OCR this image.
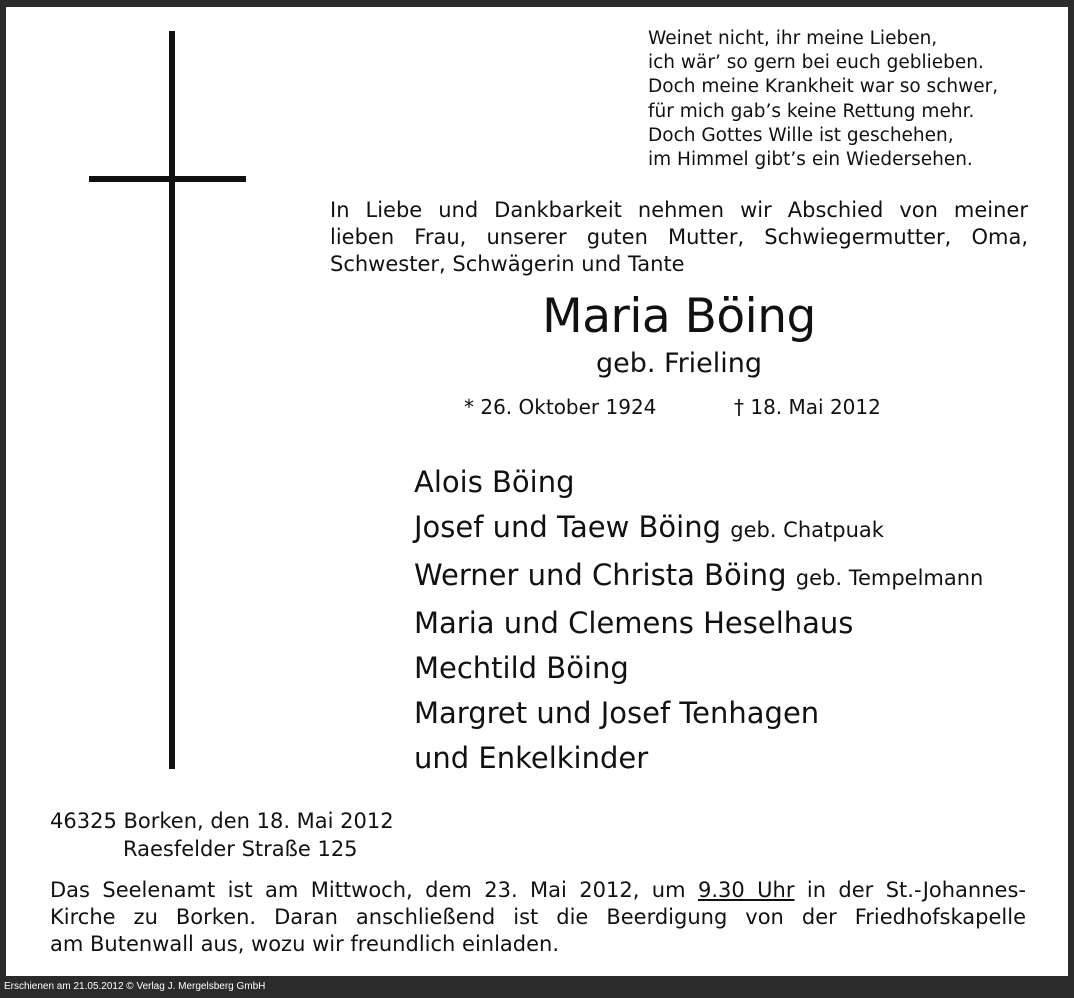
Weinet nicht, ihr meine Lieben,
ich wär’ so gern bei euch geblieben.
Doch meine Krankheit war so schwer,
für mich gab’s keine Rettung mehr.
Doch Gottes Wille ist geschehen,
im Himmel gibt’s ein Wiedersehen.
In Liebe und Dankbarkeit nehmen wir Abschied von meiner
lieben Frau, unserer guten Mutter, Schwiegermutter, Oma,
Schwester, Schwägerin und Tante
Maria Böing
geb. Frieling
* 26. Oktober 1924	† 18. Mai 2012
Alois Böing
Josef und Taew Böing geb. Chatpuak
Werner und Christa Böing geb. Tempelmann
Maria und Clemens Heselhaus
Mechtild Böing
Margret und Josef Tenhagen
und Enkelkinder
46325 Borken, den 18. Mai 2012
Raesfelder Straße 125
Das Seelenamt ist am Mittwoch, dem 23. Mai 2012, um 9.30 Uhr in der St.-Johannes-
Kirche zu Borken. Daran anschließend ist die Beerdigung von der Friedhofskapelle
am Butenwall aus, wozu wir freundlich einladen.
Erschienen am 21.05.2012 © Verlag J. Mergelsberg GmbH
